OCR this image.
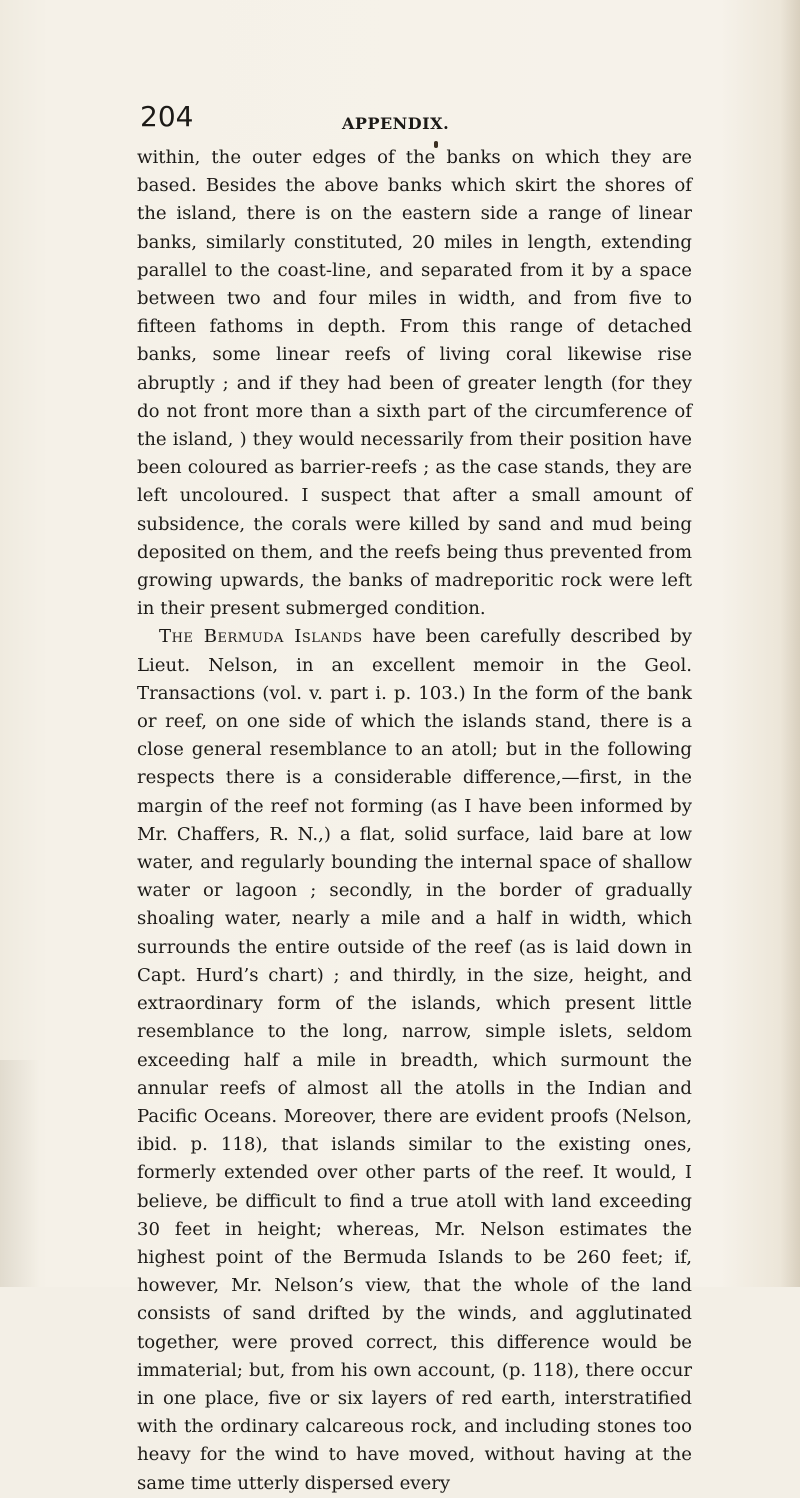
204	APPENDIX.

within, the outer edges of the banks on which they are based. Besides the above banks which skirt the shores of the island, there is on the eastern side a range of linear banks, similarly constituted, 20 miles in length, extending parallel to the coast-line, and separated from it by a space between two and four miles in width, and from five to fifteen fathoms in depth. From this range of detached banks, some linear reefs of living coral likewise rise abruptly ; and if they had been of greater length (for they do not front more than a sixth part of the circumference of the island, ) they would necessarily from their position have been coloured as barrier-reefs ; as the case stands, they are left uncoloured. I suspect that after a small amount of subsidence, the corals were killed by sand and mud being deposited on them, and the reefs being thus prevented from growing upwards, the banks of madreporitic rock were left in their present submerged condition.

The Bermuda Islands have been carefully described by Lieut. Nelson, in an excellent memoir in the Geol. Transactions (vol. v. part i. p. 103.) In the form of the bank or reef, on one side of which the islands stand, there is a close general resemblance to an atoll; but in the following respects there is a considerable difference,—first, in the margin of the reef not forming (as I have been informed by Mr. Chaffers, R. N.,) a flat, solid surface, laid bare at low water, and regularly bounding the internal space of shallow water or lagoon ; secondly, in the border of gradually shoaling water, nearly a mile and a half in width, which surrounds the entire outside of the reef (as is laid down in Capt. Hurd’s chart) ; and thirdly, in the size, height, and extraordinary form of the islands, which present little resemblance to the long, narrow, simple islets, seldom exceeding half a mile in breadth, which surmount the annular reefs of almost all the atolls in the Indian and Pacific Oceans. Moreover, there are evident proofs (Nelson, ibid. p. 118), that islands similar to the existing ones, formerly extended over other parts of the reef. It would, I believe, be difficult to find a true atoll with land exceeding 30 feet in height; whereas, Mr. Nelson estimates the highest point of the Bermuda Islands to be 260 feet; if, however, Mr. Nelson’s view, that the whole of the land consists of sand drifted by the winds, and agglutinated together, were proved correct, this difference would be immaterial; but, from his own account, (p. 118), there occur in one place, five or six layers of red earth, interstratified with the ordinary calcareous rock, and including stones too heavy for the wind to have moved, without having at the same time utterly dispersed every
